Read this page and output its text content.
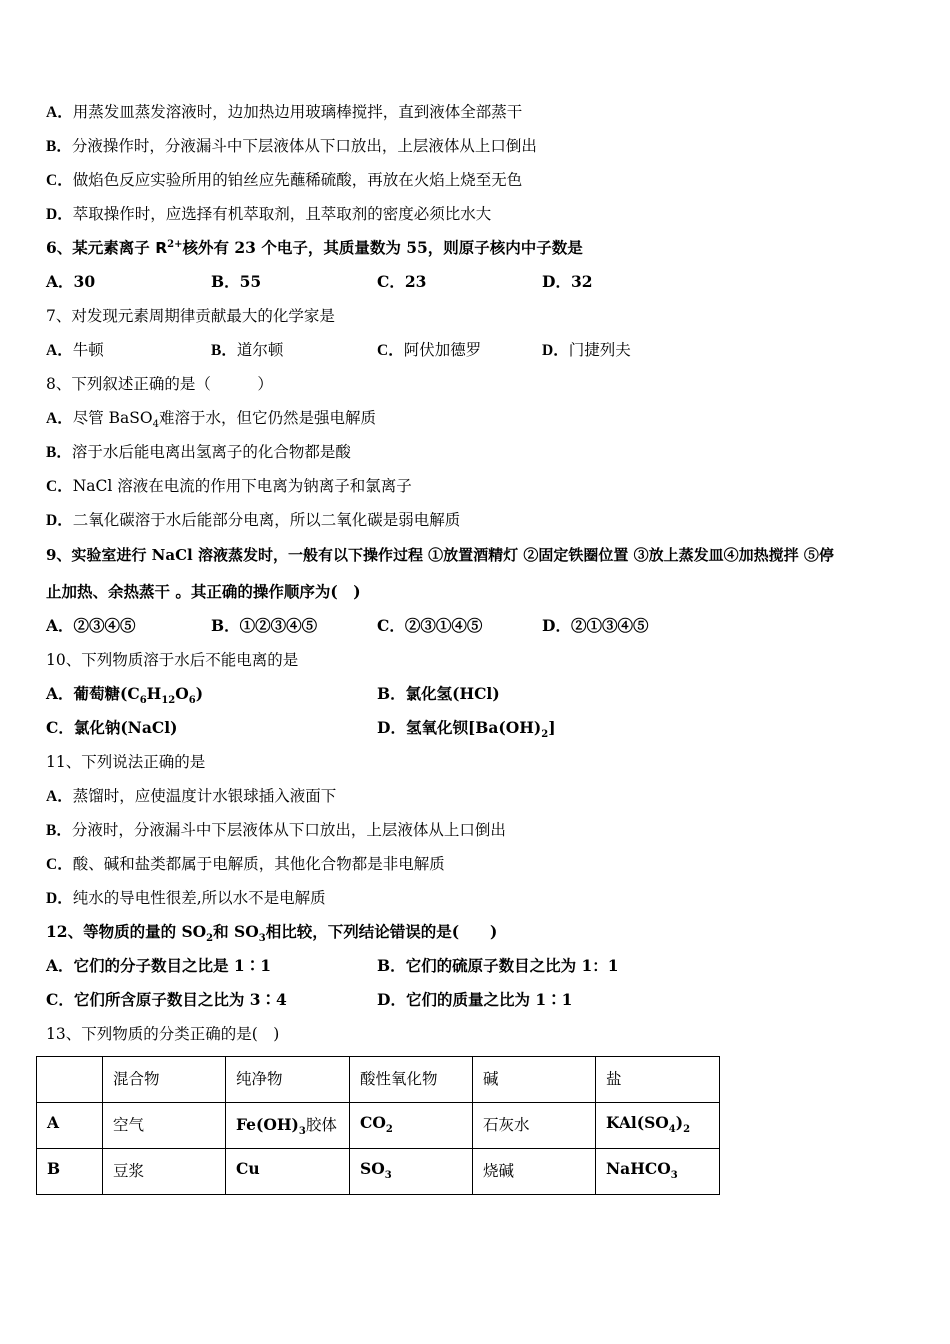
A．用蒸发皿蒸发溶液时，边加热边用玻璃棒搅拌，直到液体全部蒸干
B．分液操作时，分液漏斗中下层液体从下口放出，上层液体从上口倒出
C．做焰色反应实验所用的铂丝应先蘸稀硫酸，再放在火焰上烧至无色
D．萃取操作时，应选择有机萃取剂，且萃取剂的密度必须比水大
6、某元素离子 $R^{2+}$核外有 23 个电子，其质量数为 55，则原子核内中子数是
A．30	B．55	C．23	D．32
7、对发现元素周期律贡献最大的化学家是
A．牛顿	B．道尔顿	C．阿伏加德罗	D．门捷列夫
8、下列叙述正确的是（　　　）
A．尽管 BaSO$_4$难溶于水，但它仍然是强电解质
B．溶于水后能电离出氢离子的化合物都是酸
C．NaCl 溶液在电流的作用下电离为钠离子和氯离子
D．二氧化碳溶于水后能部分电离，所以二氧化碳是弱电解质
9、实验室进行 NaCl 溶液蒸发时，一般有以下操作过程 ①放置酒精灯 ②固定铁圈位置 ③放上蒸发皿④加热搅拌 ⑤停
止加热、余热蒸干 。其正确的操作顺序为(　)
A．②③④⑤	B．①②③④⑤	C．②③①④⑤	D．②①③④⑤
10、下列物质溶于水后不能电离的是
A．葡萄糖$(C_6H_{12}O_6)$	B．氯化氢(HCl)
C．氯化钠(NaCl)	D．氢氧化钡$[Ba(OH)_2]$
11、下列说法正确的是
A．蒸馏时，应使温度计水银球插入液面下
B．分液时，分液漏斗中下层液体从下口放出，上层液体从上口倒出
C．酸、碱和盐类都属于电解质，其他化合物都是非电解质
D．纯水的导电性很差,所以水不是电解质
12、等物质的量的 $SO_2$和 $SO_3$相比较，下列结论错误的是(　　)
A．它们的分子数目之比是 1∶1	B．它们的硫原子数目之比为 1：1
C．它们所含原子数目之比为 3∶4	D．它们的质量之比为 1∶1
13、下列物质的分类正确的是(　)
	混合物	纯净物	酸性氧化物	碱	盐
A	空气	$Fe(OH)_3$胶体	$CO_2$	石灰水	$KAl(SO_4)_2$
B	豆浆	Cu	$SO_3$	烧碱	NaHCO$_3$
